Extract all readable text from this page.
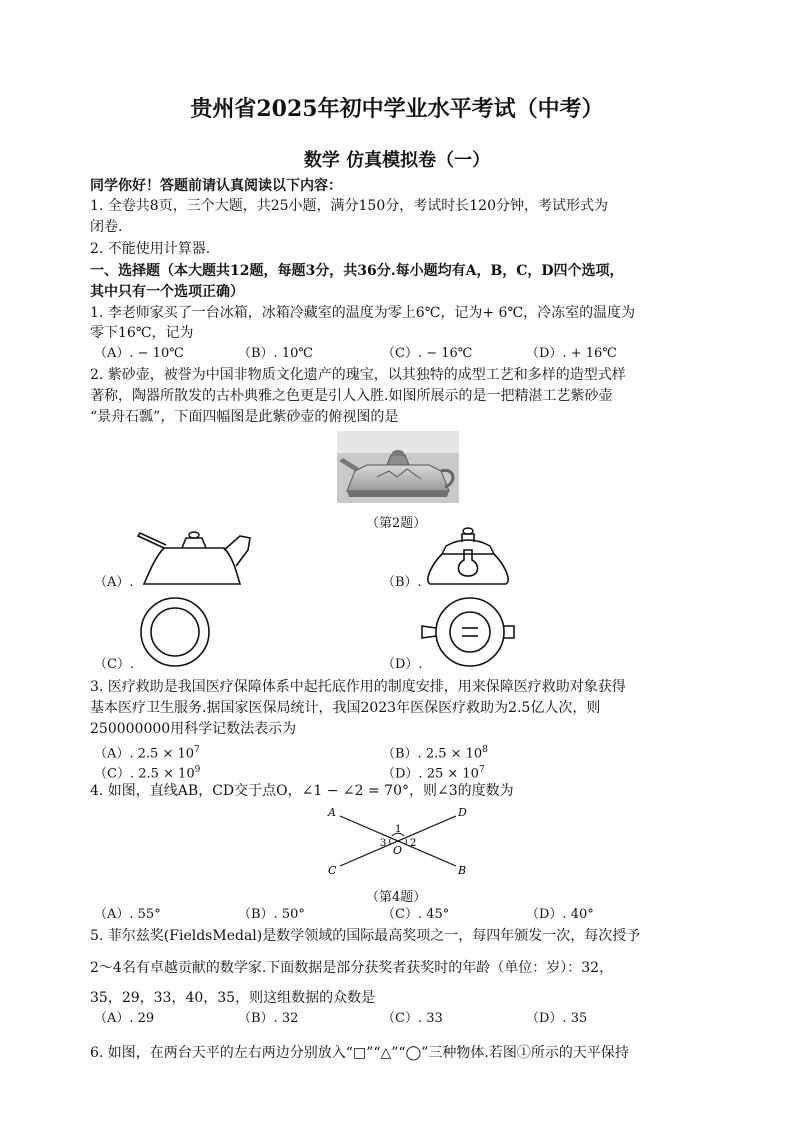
贵州省2025年初中学业水平考试（中考）
数学 仿真模拟卷（一）
同学你好！答题前请认真阅读以下内容：
1. 全卷共8页，三个大题，共25小题，满分150分，考试时长120分钟，考试形式为
闭卷.
2. 不能使用计算器.
一、选择题（本大题共12题，每题3分，共36分.每小题均有A，B，C，D四个选项，
其中只有一个选项正确）
1. 李老师家买了一台冰箱，冰箱冷藏室的温度为零上6℃，记为+ 6℃，冷冻室的温度为
零下16℃，记为
（A）. − 10℃	（B）. 10℃	（C）. − 16℃	（D）. + 16℃
2. 紫砂壶，被誉为中国非物质文化遗产的瑰宝，以其独特的成型工艺和多样的造型式样
著称，陶器所散发的古朴典雅之色更是引人入胜.如图所展示的是一把精湛工艺紫砂壶
“景舟石瓢”，下面四幅图是此紫砂壶的俯视图的是
（第2题）
（A）.	（B）.
（C）.	（D）.
3. 医疗救助是我国医疗保障体系中起托底作用的制度安排，用来保障医疗救助对象获得
基本医疗卫生服务.据国家医保局统计，我国2023年医保医疗救助为2.5亿人次，则
250000000用科学记数法表示为
（A）. $2.5 \times 10^7$	（B）. $2.5 \times 10^8$
（C）. $2.5 \times 10^9$	（D）. $25 \times 10^7$
4. 如图，直线AB，CD交于点O，∠1 − ∠2 = 70°，则∠3的度数为
A	D
C	B
O
1
2
3
（第4题）
（A）. 55°	（B）. 50°	（C）. 45°	（D）. 40°
5. 菲尔兹奖(FieldsMedal)是数学领域的国际最高奖项之一，每四年颁发一次，每次授予
2～4名有卓越贡献的数学家.下面数据是部分获奖者获奖时的年龄（单位：岁）：32，
35，29，33，40，35，则这组数据的众数是
（A）. 29	（B）. 32	（C）. 33	（D）. 35
6. 如图，在两台天平的左右两边分别放入“□”“△”“◯”三种物体.若图①所示的天平保持
